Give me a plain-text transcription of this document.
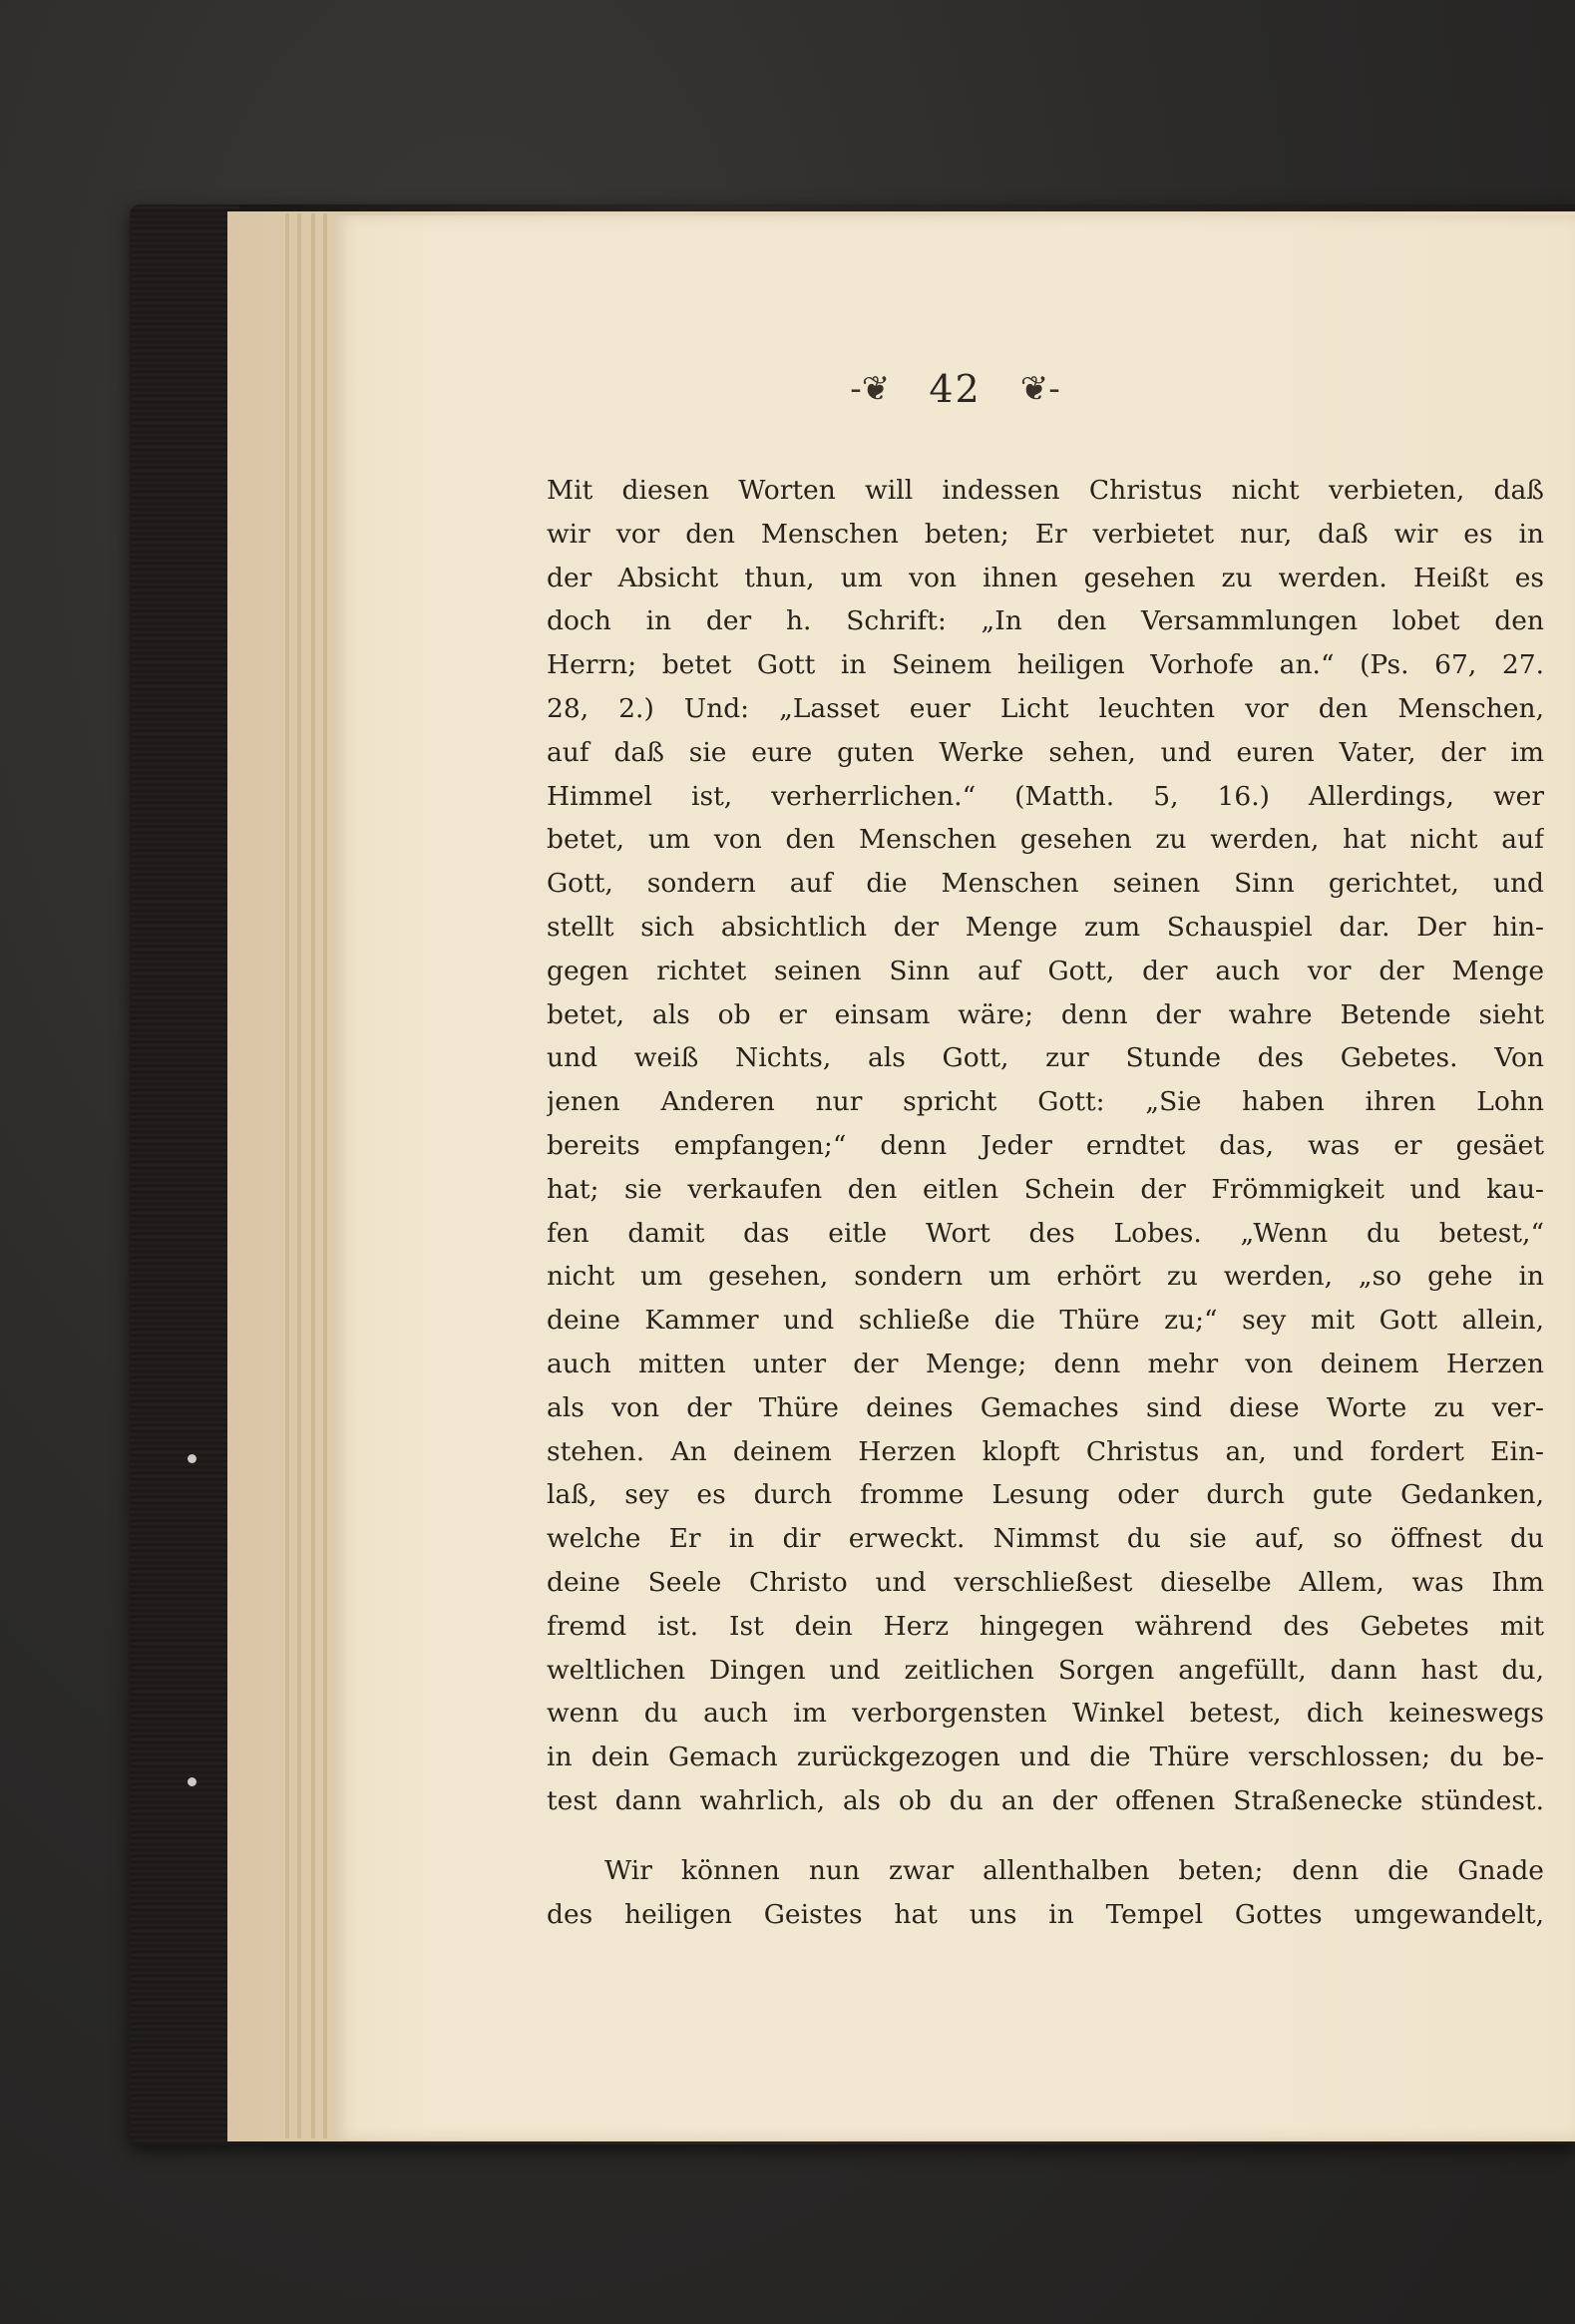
-❦ 42 ❦-
Mit diesen Worten will indessen Christus nicht verbieten, daß
wir vor den Menschen beten; Er verbietet nur, daß wir es in
der Absicht thun, um von ihnen gesehen zu werden. Heißt es
doch in der h. Schrift: „In den Versammlungen lobet den
Herrn; betet Gott in Seinem heiligen Vorhofe an.“ (Ps. 67, 27.
28, 2.) Und: „Lasset euer Licht leuchten vor den Menschen,
auf daß sie eure guten Werke sehen, und euren Vater, der im
Himmel ist, verherrlichen.“ (Matth. 5, 16.) Allerdings, wer
betet, um von den Menschen gesehen zu werden, hat nicht auf
Gott, sondern auf die Menschen seinen Sinn gerichtet, und
stellt sich absichtlich der Menge zum Schauspiel dar. Der hin-
gegen richtet seinen Sinn auf Gott, der auch vor der Menge
betet, als ob er einsam wäre; denn der wahre Betende sieht
und weiß Nichts, als Gott, zur Stunde des Gebetes. Von
jenen Anderen nur spricht Gott: „Sie haben ihren Lohn
bereits empfangen;“ denn Jeder erndtet das, was er gesäet
hat; sie verkaufen den eitlen Schein der Frömmigkeit und kau-
fen damit das eitle Wort des Lobes. „Wenn du betest,“
nicht um gesehen, sondern um erhört zu werden, „so gehe in
deine Kammer und schließe die Thüre zu;“ sey mit Gott allein,
auch mitten unter der Menge; denn mehr von deinem Herzen
als von der Thüre deines Gemaches sind diese Worte zu ver-
stehen. An deinem Herzen klopft Christus an, und fordert Ein-
laß, sey es durch fromme Lesung oder durch gute Gedanken,
welche Er in dir erweckt. Nimmst du sie auf, so öffnest du
deine Seele Christo und verschließest dieselbe Allem, was Ihm
fremd ist. Ist dein Herz hingegen während des Gebetes mit
weltlichen Dingen und zeitlichen Sorgen angefüllt, dann hast du,
wenn du auch im verborgensten Winkel betest, dich keineswegs
in dein Gemach zurückgezogen und die Thüre verschlossen; du be-
test dann wahrlich, als ob du an der offenen Straßenecke stündest.
Wir können nun zwar allenthalben beten; denn die Gnade
des heiligen Geistes hat uns in Tempel Gottes umgewandelt,
